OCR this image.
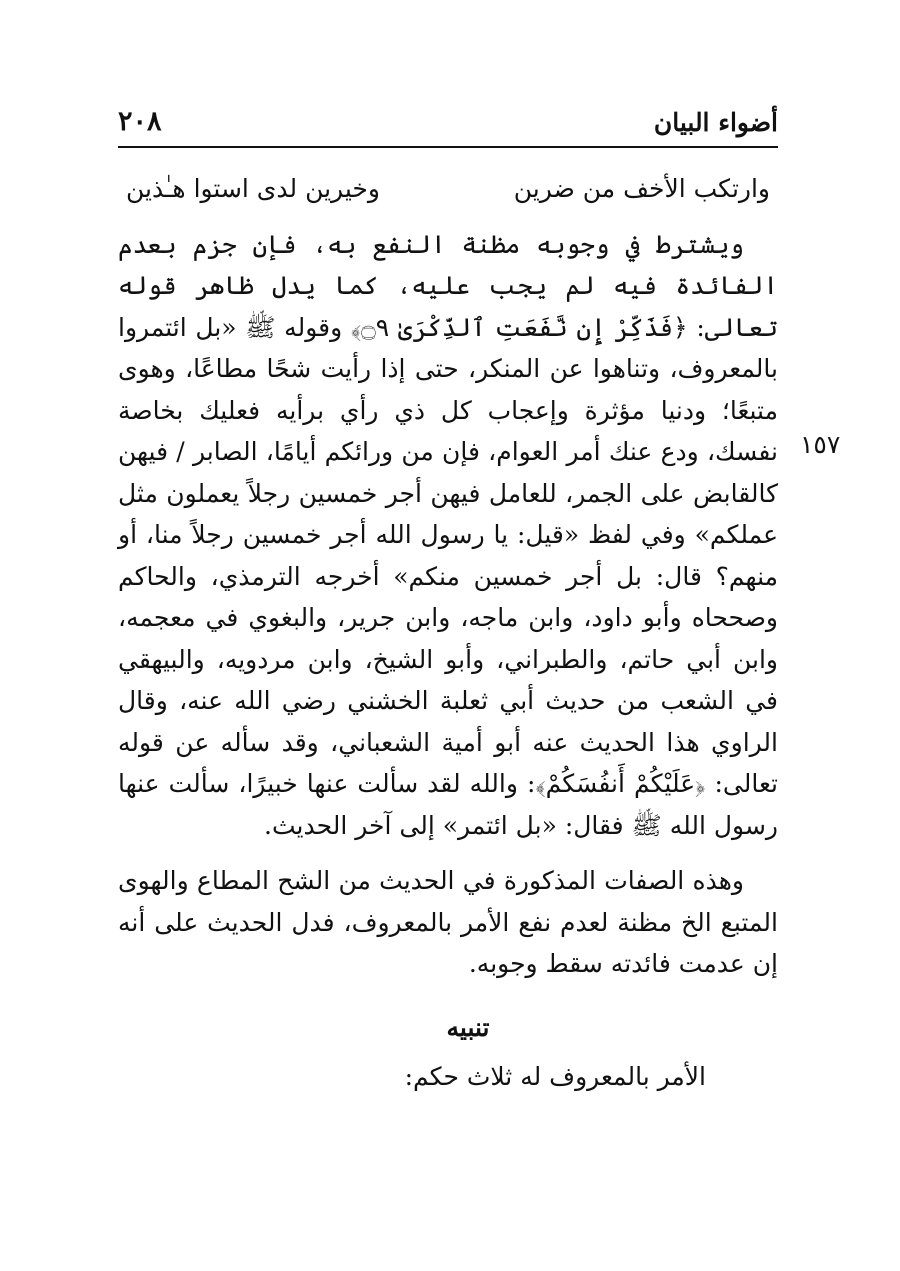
أضواء البيان
٢٠٨
١٥٧
وارتكب الأخف من ضرين
وخيرين لدى استوا هـٰذين

ويشترط في وجوبه مظنة النفع به، فإن جزم بعدم الفائدة فيه لم يجب عليه، كما يدل ظاهر قوله تعالى: ﴿فَذَكِّرْ إِن نَّفَعَتِ ٱلذِّكْرَىٰ ۝٩﴾ وقوله ﷺ «بل ائتمروا بالمعروف، وتناهوا عن المنكر، حتى إذا رأيت شحًا مطاعًا، وهوى متبعًا؛ ودنيا مؤثرة وإعجاب كل ذي رأي برأيه فعليك بخاصة نفسك، ودع عنك أمر العوام، فإن من ورائكم أيامًا، الصابر / فيهن كالقابض على الجمر، للعامل فيهن أجر خمسين رجلاً يعملون مثل عملكم» وفي لفظ «قيل: يا رسول الله أجر خمسين رجلاً منا، أو منهم؟ قال: بل أجر خمسين منكم» أخرجه الترمذي، والحاكم وصححاه وأبو داود، وابن ماجه، وابن جرير، والبغوي في معجمه، وابن أبي حاتم، والطبراني، وأبو الشيخ، وابن مردويه، والبيهقي في الشعب من حديث أبي ثعلبة الخشني رضي الله عنه، وقال الراوي هذا الحديث عنه أبو أمية الشعباني، وقد سأله عن قوله تعالى: ﴿عَلَيْكُمْ أَنفُسَكُمْ﴾: والله لقد سألت عنها خبيرًا، سألت عنها رسول الله ﷺ فقال: «بل ائتمر» إلى آخر الحديث.

وهذه الصفات المذكورة في الحديث من الشح المطاع والهوى المتبع الخ مظنة لعدم نفع الأمر بالمعروف، فدل الحديث على أنه إن عدمت فائدته سقط وجوبه.

تنبيه
الأمر بالمعروف له ثلاث حكم:
